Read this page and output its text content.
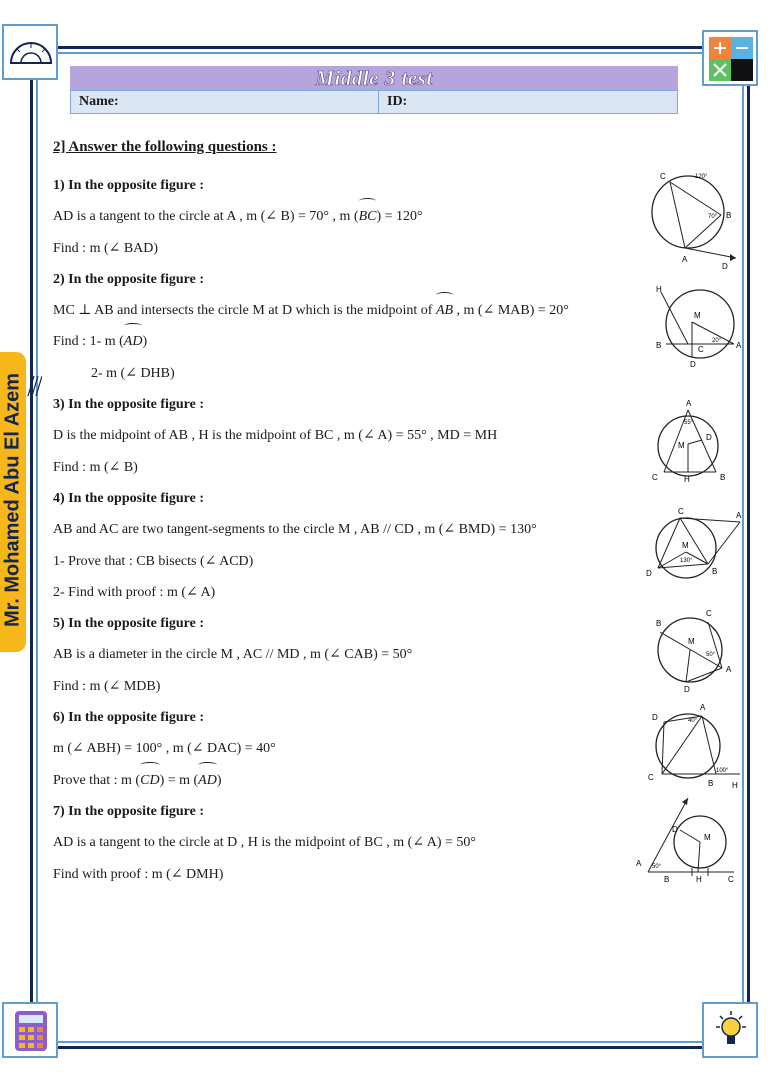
Mr. Mohamed Abu El Azem
Middle 3 test
Name:	ID:
2] Answer the following questions :
1) In the opposite figure :
AD is a tangent to the circle at A , m (∠ B) = 70° , m (BC) = 120°
Find : m (∠ BAD)
2) In the opposite figure :
MC ⊥ AB and intersects the circle M at D which is the midpoint of AB , m (∠ MAB) = 20°
Find : 1- m (AD)
2- m (∠ DHB)
3) In the opposite figure :
D is the midpoint of AB , H is the midpoint of BC , m (∠ A) = 55° , MD = MH
Find : m (∠ B)
4) In the opposite figure :
AB and AC are two tangent-segments to the circle M , AB // CD , m (∠ BMD) = 130°
1- Prove that : CB bisects (∠ ACD)
2- Find with proof : m (∠ A)
5) In the opposite figure :
AB is a diameter in the circle M , AC // MD , m (∠ CAB) = 50°
Find : m (∠ MDB)
6) In the opposite figure :
m (∠ ABH) = 100° , m (∠ DAC) = 40°
Prove that : m (CD) = m (AD)
7) In the opposite figure :
AD is a tangent to the circle at D , H is the midpoint of BC , m (∠ A) = 50°
Find with proof : m (∠ DMH)
C
B
A
D
120°
70°
H
M
B	C	A
D
20°
A
D
M
C	H	B
55°
C	A
M
D	B
130°
B
C
M
A
D
50°
A
D
C
B H
40°
100°
D
M
A
B	H	C
50°
